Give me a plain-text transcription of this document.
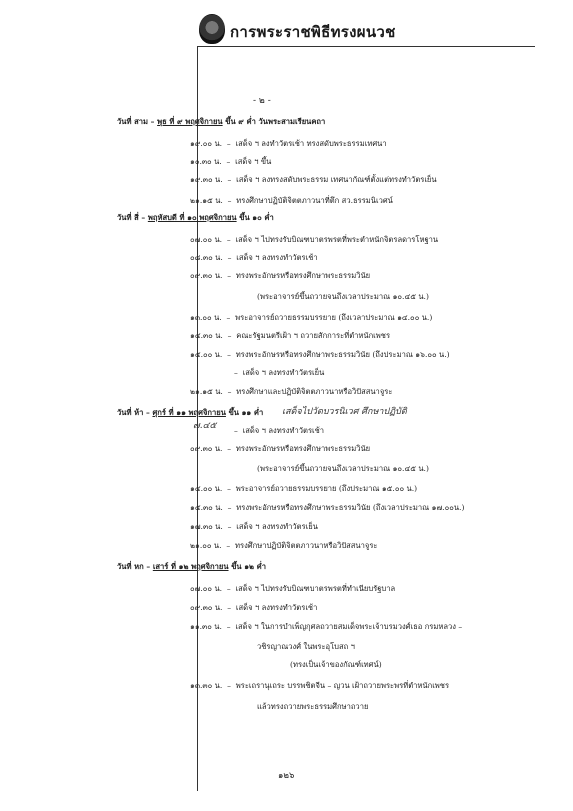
การพระราชพิธีทรงผนวช
- ๒ -
วันที่ สาม – พุธ ที่ ๙ พฤศจิกายน ขึ้น ๙ ค่ำ วันพระสามเรียนคถา
๑๙.๐๐ น.  –  เสด็จ ฯ ลงทำวัตรเช้า ทรงสดับพระธรรมเทศนา
๑๐.๓๐ น.  –  เสด็จ ฯ ขึ้น
๑๙.๓๐ น.  –  เสด็จ ฯ ลงทรงสดับพระธรรม เทศนากัณฑ์ตั้งแต่ทรงทำวัตรเย็น
๒๑.๑๕ น.  –  ทรงศึกษาปฏิบัติจิตตภาวนาที่ตึก สว.ธรรมนิเวศน์
วันที่ สี่ – พฤหัสบดี ที่ ๑๐ พฤศจิกายน ขึ้น ๑๐ ค่ำ
๐๗.๐๐ น.  –  เสด็จ ฯ ไปทรงรับบิณฑบาตรพรตที่พระตำหนักจิตรลดารโหฐาน
๐๘.๓๐ น.  –  เสด็จ ฯ ลงทรงทำวัตรเช้า
๐๙.๓๐ น.  –  ทรงพระอักษรหรือทรงศึกษาพระธรรมวินัย
(พระอาจารย์ขึ้นถวายจนถึงเวลาประมาณ ๑๐.๔๕ น.)
๑๓.๐๐ น.  –  พระอาจารย์ถวายธรรมบรรยาย (ถึงเวลาประมาณ ๑๔.๐๐ น.)
๑๔.๓๐ น.  –  คณะรัฐมนตรีเฝ้า ฯ ถวายสักการะที่ตำหนักเพชร
๑๕.๐๐ น.  –  ทรงพระอักษรหรือทรงศึกษาพระธรรมวินัย (ถึงประมาณ ๑๖.๐๐ น.)
–  เสด็จ ฯ ลงทรงทำวัตรเย็น
๒๑.๑๕ น.  –  ทรงศึกษาและปฏิบัติจิตตภาวนาหรือวิปัสสนาจูระ
วันที่ ห้า – ศุกร์ ที่ ๑๑ พฤศจิกายน ขึ้น ๑๑ ค่ำ เสด็จไปวัดบวรนิเวศ ศึกษาปฏิบัติ
๗.๔๕	–  เสด็จ ฯ ลงทรงทำวัตรเช้า
๐๙.๓๐ น.  –  ทรงพระอักษรหรือทรงศึกษาพระธรรมวินัย
(พระอาจารย์ขึ้นถวายจนถึงเวลาประมาณ ๑๐.๔๕ น.)
๑๔.๐๐ น.  –  พระอาจารย์ถวายธรรมบรรยาย (ถึงประมาณ ๑๕.๐๐ น.)
๑๕.๓๐ น.  –  ทรงพระอักษรหรือทรงศึกษาพระธรรมวินัย (ถึงเวลาประมาณ ๑๗.๐๐น.)
๑๗.๓๐ น.  –  เสด็จ ฯ ลงทรงทำวัตรเย็น
๒๑.๐๐ น.  –  ทรงศึกษาปฏิบัติจิตตภาวนาหรือวิปัสสนาจูระ
วันที่ หก – เสาร์ ที่ ๑๒ พฤศจิกายน ขึ้น ๑๒ ค่ำ
๐๗.๐๐ น.  –  เสด็จ ฯ ไปทรงรับบิณฑบาตรพรตที่ทำเนียบรัฐบาล
๐๙.๓๐ น.  –  เสด็จ ฯ ลงทรงทำวัตรเช้า
๑๑.๓๐ น.  –  เสด็จ ฯ ในการบำเพ็ญกุศลถวายสมเด็จพระเจ้าบรมวงศ์เธอ กรมหลวง –
วชิรญาณวงศ์ ในพระอุโบสถ ฯ
(ทรงเป็นเจ้าของกัณฑ์เทศน์)
๑๓.๓๐ น.  –  พระเถรานุเถระ บรรพชิตจีน – ญวน เฝ้าถวายพระพรที่ตำหนักเพชร
แล้วทรงถวายพระธรรมศึกษาถวาย
๑๒๖
